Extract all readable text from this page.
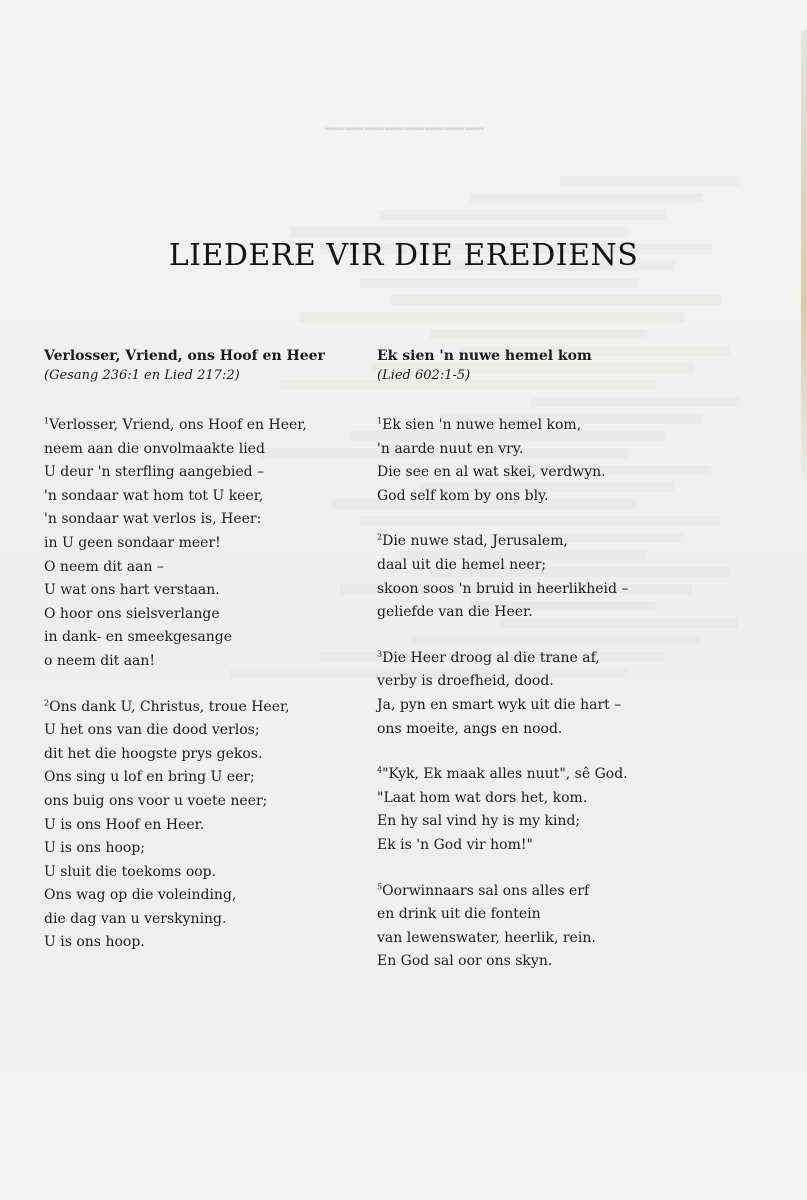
────────
LIEDERE VIR DIE EREDIENS

Verlosser, Vriend, ons Hoof en Heer

(Gesang 236:1 en Lied 217:2)

$^1$Verlosser, Vriend, ons Hoof en Heer,
neem aan die onvolmaakte lied
U deur 'n sterfling aangebied –
'n sondaar wat hom tot U keer,
'n sondaar wat verlos is, Heer:
in U geen sondaar meer!
O neem dit aan –
U wat ons hart verstaan.
O hoor ons sielsverlange
in dank- en smeekgesange
o neem dit aan!
$^2$Ons dank U, Christus, troue Heer,
U het ons van die dood verlos;
dit het die hoogste prys gekos.
Ons sing u lof en bring U eer;
ons buig ons voor u voete neer;
U is ons Hoof en Heer.
U is ons hoop;
U sluit die toekoms oop.
Ons wag op die voleinding,
die dag van u verskyning.
U is ons hoop.

Ek sien 'n nuwe hemel kom

(Lied 602:1-5)

$^1$Ek sien 'n nuwe hemel kom,
'n aarde nuut en vry.
Die see en al wat skei, verdwyn.
God self kom by ons bly.
$^2$Die nuwe stad, Jerusalem,
daal uit die hemel neer;
skoon soos 'n bruid in heerlikheid –
geliefde van die Heer.
$^3$Die Heer droog al die trane af,
verby is droefheid, dood.
Ja, pyn en smart wyk uit die hart –
ons moeite, angs en nood.
$^4$"Kyk, Ek maak alles nuut", sê God.
"Laat hom wat dors het, kom.
En hy sal vind hy is my kind;
Ek is 'n God vir hom!"
$^5$Oorwinnaars sal ons alles erf
en drink uit die fontein
van lewenswater, heerlik, rein.
En God sal oor ons skyn.
